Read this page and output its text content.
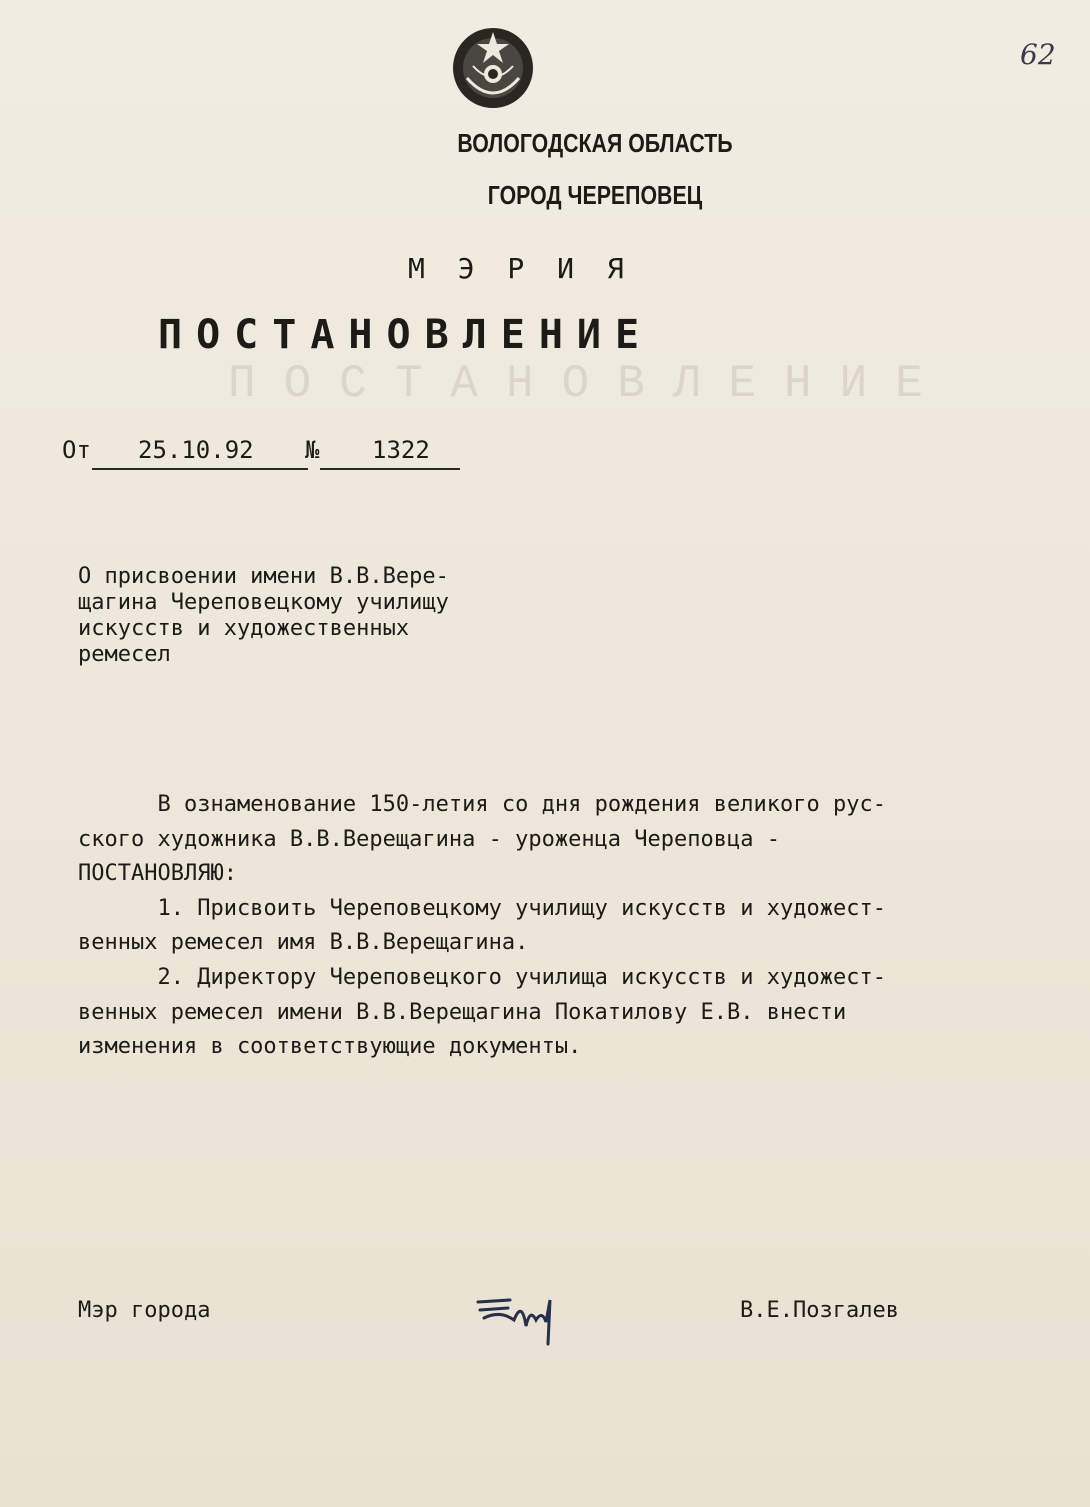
ПОСТАНОВЛЕНИЕ
62
ВОЛОГОДСКАЯ ОБЛАСТЬ
ГОРОД ЧЕРЕПОВЕЦ
М Э Р И Я
ПОСТАНОВЛЕНИЕ
От 25.10.92 № 1322
О присвоении имени В.В.Вере-
щагина Череповецкому училищу
искусств и художественных
ремесел

В ознаменование 150-летия со дня рождения великого рус-

ского художника В.В.Верещагина - уроженца Череповца -

ПОСТАНОВЛЯЮ:

1. Присвоить Череповецкому училищу искусств и художест-

венных ремесел имя В.В.Верещагина.

2. Директору Череповецкого училища искусств и художест-

венных ремесел имени В.В.Верещагина Покатилову Е.В. внести

изменения в соответствующие документы.

Мэр города	В.Е.Позгалев
